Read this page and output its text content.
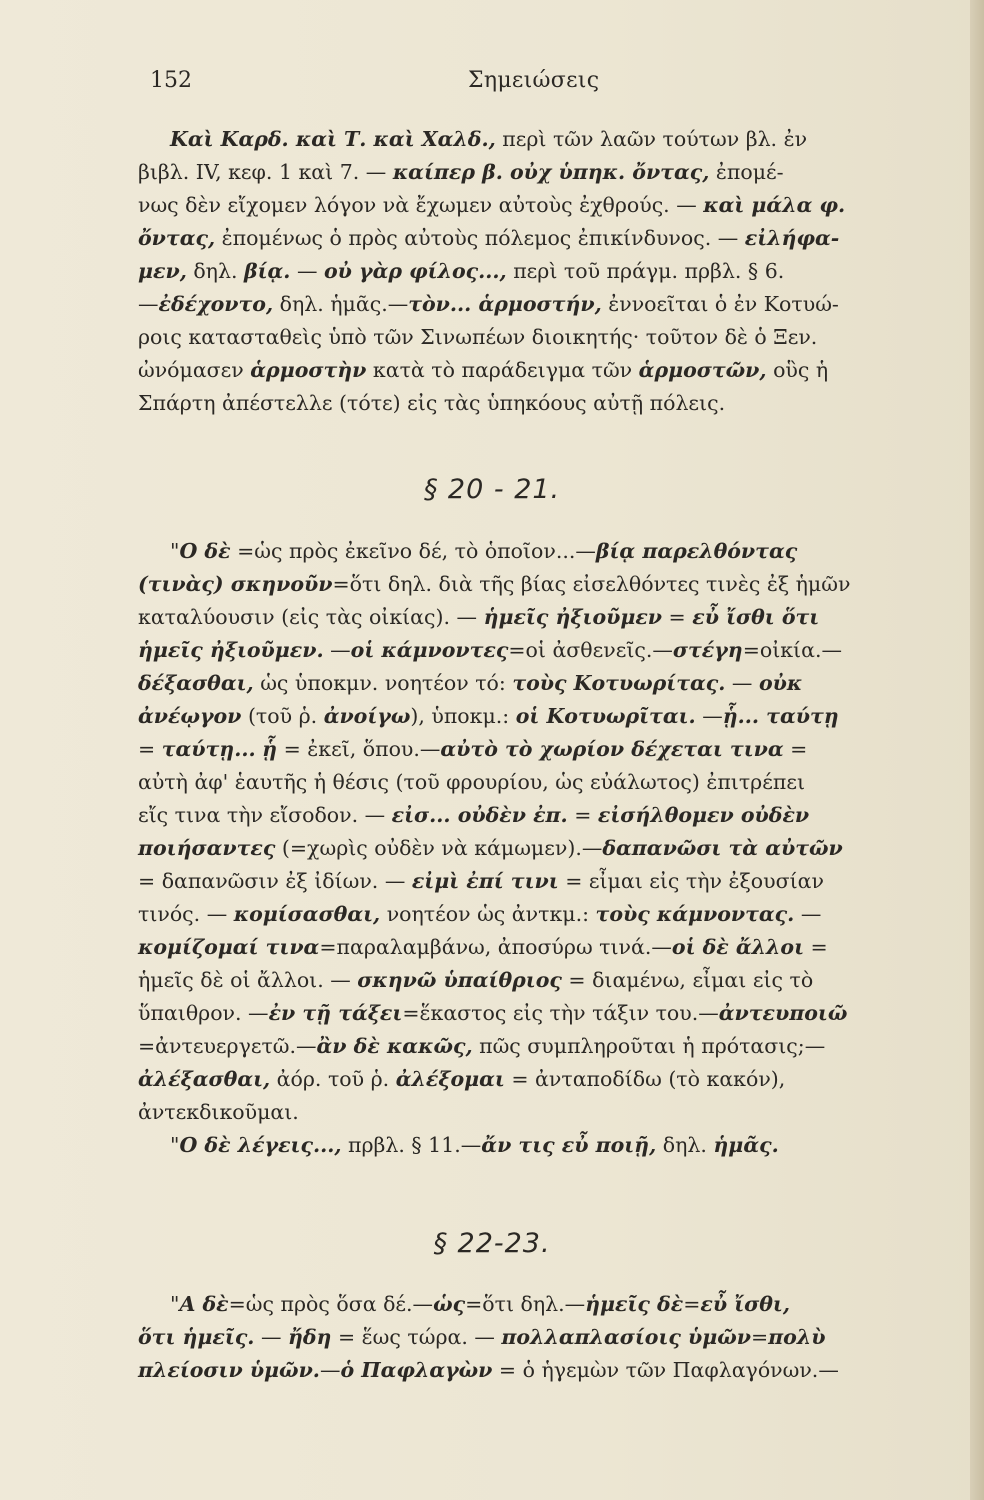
152	Σημειώσεις
Καὶ Καρδ. καὶ Τ. καὶ Χαλδ., περὶ τῶν λαῶν τούτων βλ. ἐν
βιβλ. IV, κεφ. 1 καὶ 7. — καίπερ β. οὐχ ὑπηκ. ὄντας, ἐπομέ-
νως δὲν εἴχομεν λόγον νὰ ἔχωμεν αὐτοὺς ἐχθρούς. — καὶ μάλα φ.
ὄντας, ἐπομένως ὁ πρὸς αὐτοὺς πόλεμος ἐπικίνδυνος. — εἰλήφα-
μεν, δηλ. βίᾳ. — οὐ γὰρ φίλος..., περὶ τοῦ πράγμ. πρβλ. § 6.
—ἐδέχοντο, δηλ. ἡμᾶς.—τὸν... ἁρμοστήν, ἐννοεῖται ὁ ἐν Κοτυώ-
ροις κατασταθεὶς ὑπὸ τῶν Σινωπέων διοικητής· τοῦτον δὲ ὁ Ξεν.
ὠνόμασεν ἁρμοστὴν κατὰ τὸ παράδειγμα τῶν ἁρμοστῶν, οὓς ἡ
Σπάρτη ἀπέστελλε (τότε) εἰς τὰς ὑπηκόους αὐτῇ πόλεις.
§ 20 - 21.
"Ο δὲ =ὡς πρὸς ἐκεῖνο δέ, τὸ ὁποῖον...—βίᾳ παρελθόντας
(τινὰς) σκηνοῦν=ὅτι δηλ. διὰ τῆς βίας εἰσελθόντες τινὲς ἐξ ἡμῶν
καταλύουσιν (εἰς τὰς οἰκίας). — ἡμεῖς ἠξιοῦμεν = εὖ ἴσθι ὅτι
ἡμεῖς ἠξιοῦμεν. —οἱ κάμνοντες=οἱ ἀσθενεῖς.—στέγη=οἰκία.—
δέξασθαι, ὡς ὑποκμν. νοητέον τό: τοὺς Κοτυωρίτας. — οὐκ
ἀνέῳγον (τοῦ ῥ. ἀνοίγω), ὑποκμ.: οἱ Κοτυωρῖται. —ᾗ... ταύτῃ
= ταύτῃ... ᾗ = ἐκεῖ, ὅπου.—αὐτὸ τὸ χωρίον δέχεται τινα =
αὐτὴ ἀφ' ἑαυτῆς ἡ θέσις (τοῦ φρουρίου, ὡς εὐάλωτος) ἐπιτρέπει
εἴς τινα τὴν εἴσοδον. — εἰσ... οὐδὲν ἐπ. = εἰσήλθομεν οὐδὲν
ποιήσαντες (=χωρὶς οὐδὲν νὰ κάμωμεν).—δαπανῶσι τὰ αὐτῶν
= δαπανῶσιν ἐξ ἰδίων. — εἰμὶ ἐπί τινι = εἶμαι εἰς τὴν ἐξουσίαν
τινός. — κομίσασθαι, νοητέον ὡς ἀντκμ.: τοὺς κάμνοντας. —
κομίζομαί τινα=παραλαμβάνω, ἀποσύρω τινά.—οἱ δὲ ἄλλοι =
ἡμεῖς δὲ οἱ ἄλλοι. — σκηνῶ ὑπαίθριος = διαμένω, εἶμαι εἰς τὸ
ὕπαιθρον. —ἐν τῇ τάξει=ἕκαστος εἰς τὴν τάξιν του.—ἀντευποιῶ
=ἀντευεργετῶ.—ἂν δὲ κακῶς, πῶς συμπληροῦται ἡ πρότασις;—
ἀλέξασθαι, ἀόρ. τοῦ ῥ. ἀλέξομαι = ἀνταποδίδω (τὸ κακόν),
ἀντεκδικοῦμαι.
"Ο δὲ λέγεις..., πρβλ. § 11.—ἄν τις εὖ ποιῇ, δηλ. ἡμᾶς.
§ 22-23.
"Α δὲ=ὡς πρὸς ὅσα δέ.—ὡς=ὅτι δηλ.—ἡμεῖς δὲ=εὖ ἴσθι,
ὅτι ἡμεῖς. — ἤδη = ἕως τώρα. — πολλαπλασίοις ὑμῶν=πολὺ
πλείοσιν ὑμῶν.—ὁ Παφλαγὼν = ὁ ἡγεμὼν τῶν Παφλαγόνων.—
